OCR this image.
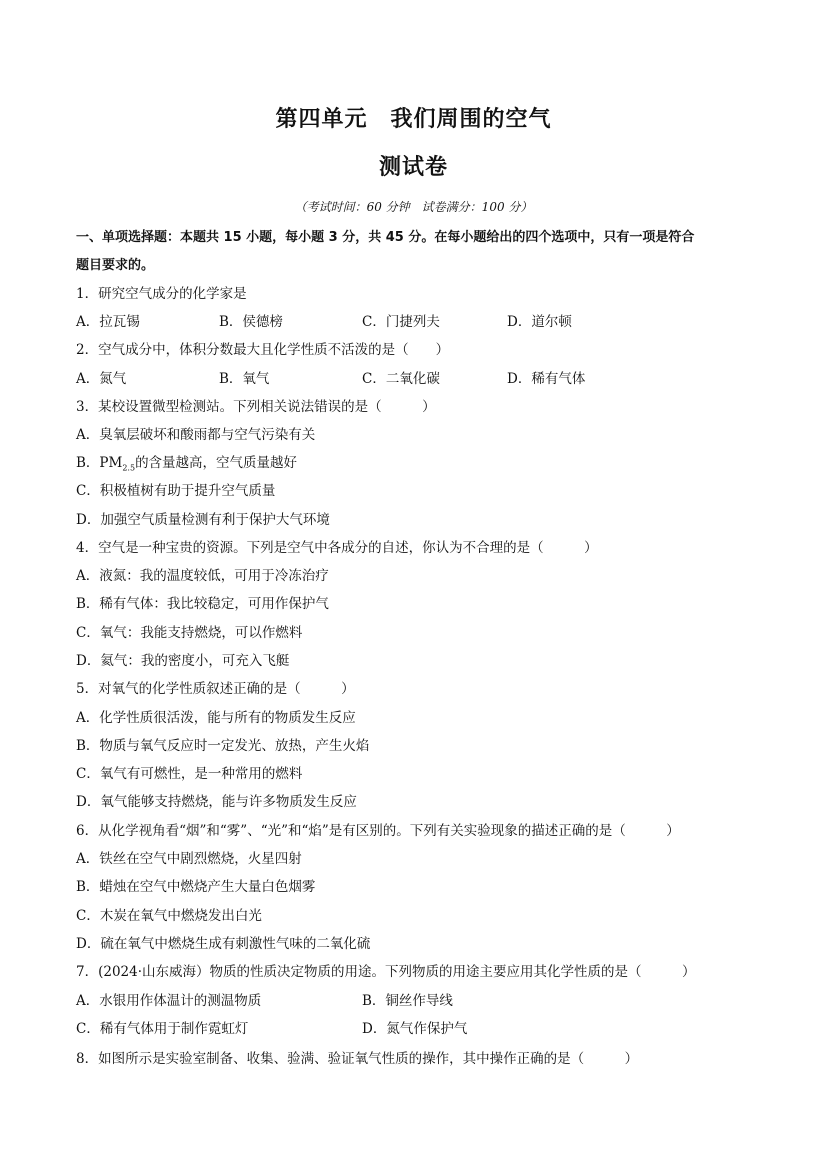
第四单元　我们周围的空气
测试卷
（考试时间：60 分钟　试卷满分：100 分）
一、单项选择题：本题共 15 小题，每小题 3 分，共 45 分。在每小题给出的四个选项中，只有一项是符合
题目要求的。
1．研究空气成分的化学家是
A．拉瓦锡	B．侯德榜	C．门捷列夫	D．道尔顿
2．空气成分中，体积分数最大且化学性质不活泼的是（　　）
A．氮气	B．氧气	C．二氧化碳	D．稀有气体
3．某校设置微型检测站。下列相关说法错误的是（　　　）
A．臭氧层破坏和酸雨都与空气污染有关
B．$PM_{2.5}$的含量越高，空气质量越好
C．积极植树有助于提升空气质量
D．加强空气质量检测有利于保护大气环境
4．空气是一种宝贵的资源。下列是空气中各成分的自述，你认为不合理的是（　　　）
A．液氮：我的温度较低，可用于冷冻治疗
B．稀有气体：我比较稳定，可用作保护气
C．氧气：我能支持燃烧，可以作燃料
D．氦气：我的密度小，可充入飞艇
5．对氧气的化学性质叙述正确的是（　　　）
A．化学性质很活泼，能与所有的物质发生反应
B．物质与氧气反应时一定发光、放热，产生火焰
C．氧气有可燃性，是一种常用的燃料
D．氧气能够支持燃烧，能与许多物质发生反应
6．从化学视角看“烟”和“雾”、“光”和“焰”是有区别的。下列有关实验现象的描述正确的是（　　　）
A．铁丝在空气中剧烈燃烧，火星四射
B．蜡烛在空气中燃烧产生大量白色烟雾
C．木炭在氧气中燃烧发出白光
D．硫在氧气中燃烧生成有刺激性气味的二氧化硫
7．(2024·山东威海）物质的性质决定物质的用途。下列物质的用途主要应用其化学性质的是（　　　）
A．水银用作体温计的测温物质	B．铜丝作导线
C．稀有气体用于制作霓虹灯	D．氮气作保护气
8．如图所示是实验室制备、收集、验满、验证氧气性质的操作，其中操作正确的是（　　　）
